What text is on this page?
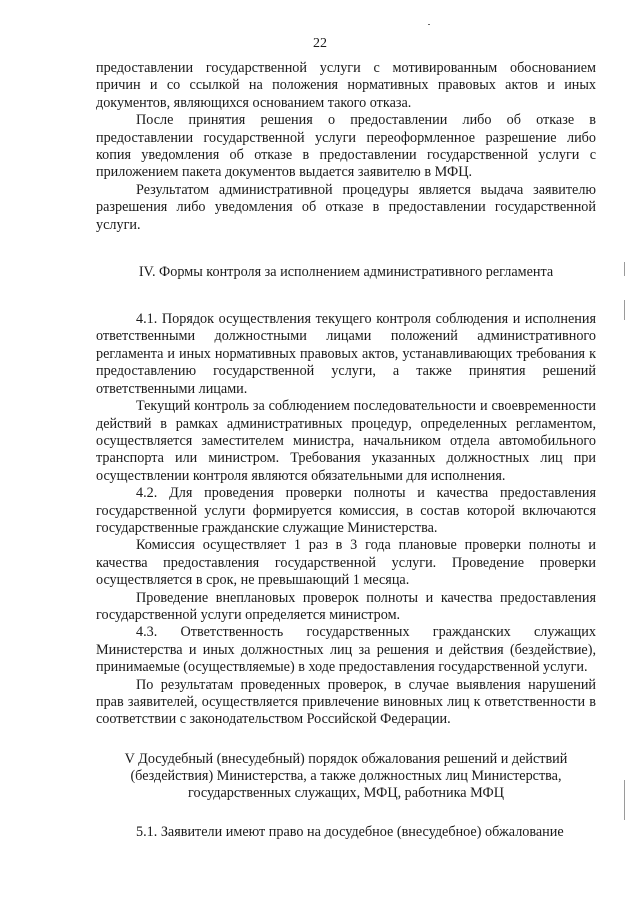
22

предоставлении государственной услуги с мотивированным обоснованием причин и со ссылкой на положения нормативных правовых актов и иных документов, являющихся основанием такого отказа.

После принятия решения о предоставлении либо об отказе в предоставлении государственной услуги переоформленное разрешение либо копия уведомления об отказе в предоставлении государственной услуги с приложением пакета документов выдается заявителю в МФЦ.

Результатом административной процедуры является выдача заявителю разрешения либо уведомления об отказе в предоставлении государственной услуги.

IV. Формы контроля за исполнением административного регламента

4.1. Порядок осуществления текущего контроля соблюдения и исполнения ответственными должностными лицами положений административного регламента и иных нормативных правовых актов, устанавливающих требования к предоставлению государственной услуги, а также принятия решений ответственными лицами.

Текущий контроль за соблюдением последовательности и своевременности действий в рамках административных процедур, определенных регламентом, осуществляется заместителем министра, начальником отдела автомобильного транспорта или министром. Требования указанных должностных лиц при осуществлении контроля являются обязательными для исполнения.

4.2. Для проведения проверки полноты и качества предоставления государственной услуги формируется комиссия, в состав которой включаются государственные гражданские служащие Министерства.

Комиссия осуществляет 1 раз в 3 года плановые проверки полноты и качества предоставления государственной услуги. Проведение проверки осуществляется в срок, не превышающий 1 месяца.

Проведение внеплановых проверок полноты и качества предоставления государственной услуги определяется министром.

4.3. Ответственность государственных гражданских служащих Министерства и иных должностных лиц за решения и действия (бездействие), принимаемые (осуществляемые) в ходе предоставления государственной услуги.

По результатам проведенных проверок, в случае выявления нарушений прав заявителей, осуществляется привлечение виновных лиц к ответственности в соответствии с законодательством Российской Федерации.

V Досудебный (внесудебный) порядок обжалования решений и действий

(бездействия) Министерства, а также должностных лиц Министерства,

государственных служащих, МФЦ, работника МФЦ

5.1. Заявители имеют право на досудебное (внесудебное) обжалование
